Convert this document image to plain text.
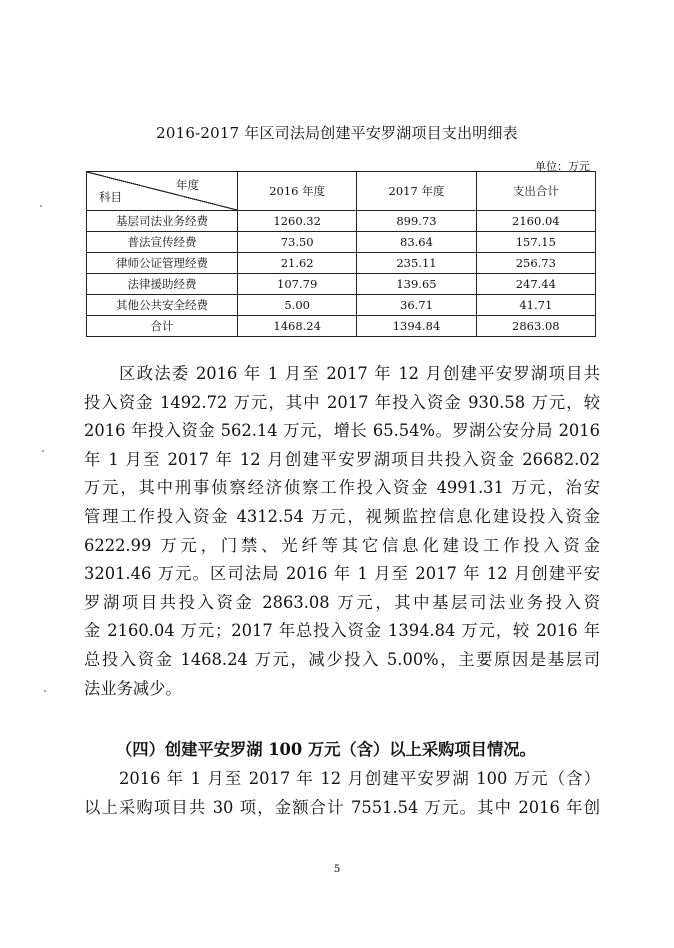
2016-2017 年区司法局创建平安罗湖项目支出明细表
单位：万元
年度
科目	2016 年度	2017 年度	支出合计
基层司法业务经费	1260.32	899.73	2160.04
普法宣传经费	73.50	83.64	157.15
律师公证管理经费	21.62	235.11	256.73
法律援助经费	107.79	139.65	247.44
其他公共安全经费	5.00	36.71	41.71
合计	1468.24	1394.84	2863.08

　　区政法委 2016 年 1 月至 2017 年 12 月创建平安罗湖项目共

投入资金 1492.72 万元，其中 2017 年投入资金 930.58 万元，较

2016 年投入资金 562.14 万元，增长 65.54%。罗湖公安分局 2016

年 1 月至 2017 年 12 月创建平安罗湖项目共投入资金 26682.02

万元，其中刑事侦察经济侦察工作投入资金 4991.31 万元，治安

管理工作投入资金 4312.54 万元，视频监控信息化建设投入资金

6222.99 万元，门禁、光纤等其它信息化建设工作投入资金

3201.46 万元。区司法局 2016 年 1 月至 2017 年 12 月创建平安

罗湖项目共投入资金 2863.08 万元，其中基层司法业务投入资

金 2160.04 万元；2017 年总投入资金 1394.84 万元，较 2016 年

总投入资金 1468.24 万元，减少投入 5.00%，主要原因是基层司

法业务减少。

（四）创建平安罗湖 100 万元（含）以上采购项目情况。

　　2016 年 1 月至 2017 年 12 月创建平安罗湖 100 万元（含）

以上采购项目共 30 项，金额合计 7551.54 万元。其中 2016 年创

5
